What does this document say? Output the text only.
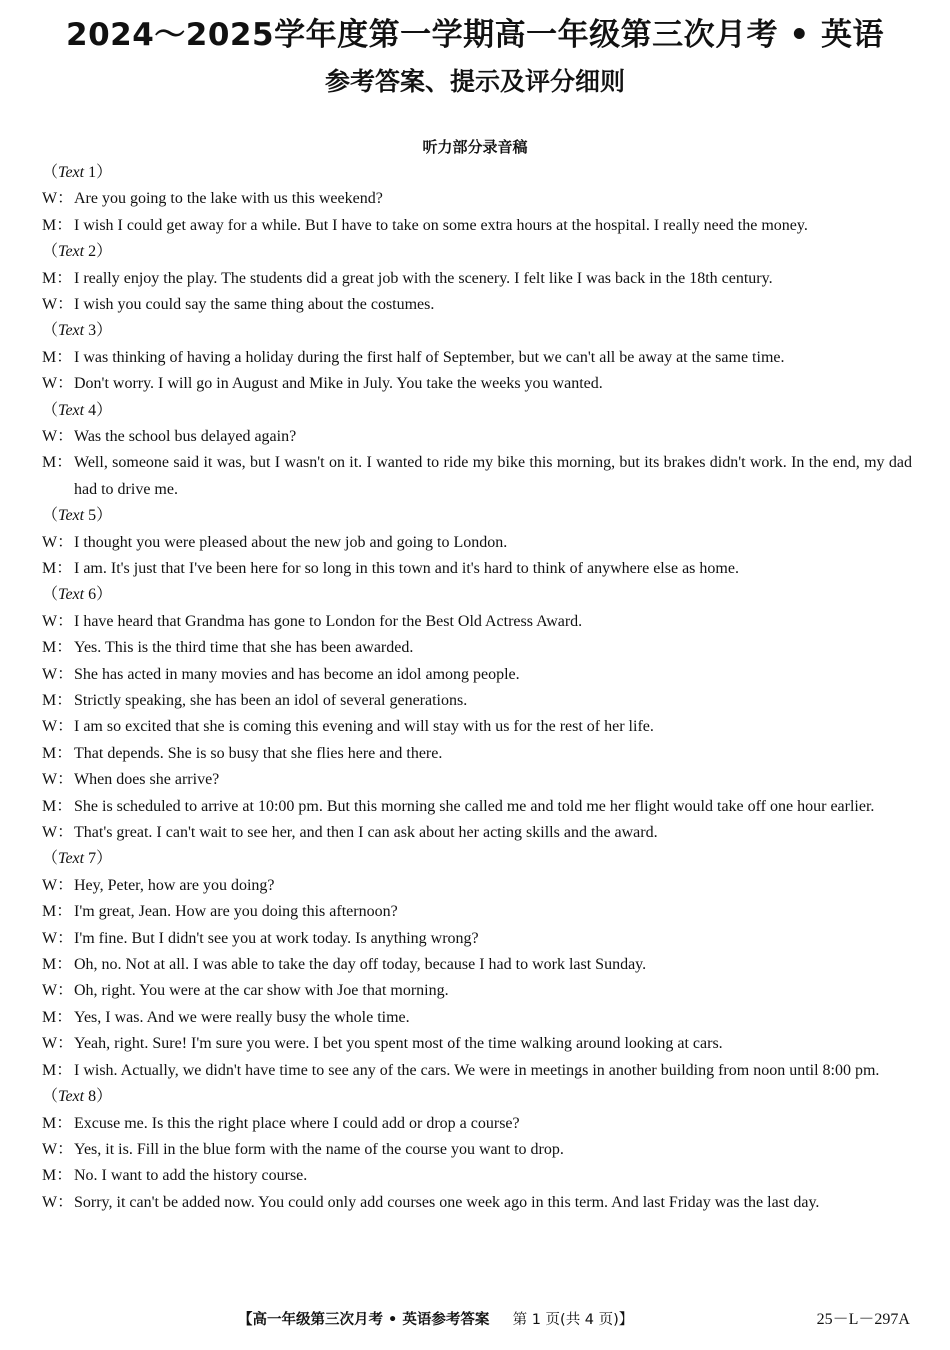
2024～2025学年度第一学期高一年级第三次月考 • 英语
参考答案、提示及评分细则
听力部分录音稿
（Text 1）
W：Are you going to the lake with us this weekend?
M： I wish I could get away for a while. But I have to take on some extra hours at the hospital. I really need the money.
（Text 2）
M： I really enjoy the play. The students did a great job with the scenery. I felt like I was back in the 18th century.
W：I wish you could say the same thing about the costumes.
（Text 3）
M： I was thinking of having a holiday during the first half of September, but we can't all be away at the same time.
W：Don't worry. I will go in August and Mike in July. You take the weeks you wanted.
（Text 4）
W：Was the school bus delayed again?
M： Well, someone said it was, but I wasn't on it. I wanted to ride my bike this morning, but its brakes didn't work. In the end, my dad had to drive me.
（Text 5）
W：I thought you were pleased about the new job and going to London.
M： I am. It's just that I've been here for so long in this town and it's hard to think of anywhere else as home.
（Text 6）
W：I have heard that Grandma has gone to London for the Best Old Actress Award.
M： Yes. This is the third time that she has been awarded.
W：She has acted in many movies and has become an idol among people.
M： Strictly speaking, she has been an idol of several generations.
W：I am so excited that she is coming this evening and will stay with us for the rest of her life.
M： That depends. She is so busy that she flies here and there.
W：When does she arrive?
M： She is scheduled to arrive at 10:00 pm. But this morning she called me and told me her flight would take off one hour earlier.
W：That's great. I can't wait to see her, and then I can ask about her acting skills and the award.
（Text 7）
W：Hey, Peter, how are you doing?
M： I'm great, Jean. How are you doing this afternoon?
W：I'm fine. But I didn't see you at work today. Is anything wrong?
M： Oh, no. Not at all. I was able to take the day off today, because I had to work last Sunday.
W：Oh, right. You were at the car show with Joe that morning.
M： Yes, I was. And we were really busy the whole time.
W：Yeah, right. Sure! I'm sure you were. I bet you spent most of the time walking around looking at cars.
M： I wish. Actually, we didn't have time to see any of the cars. We were in meetings in another building from noon until 8:00 pm.
（Text 8）
M： Excuse me. Is this the right place where I could add or drop a course?
W：Yes, it is. Fill in the blue form with the name of the course you want to drop.
M： No. I want to add the history course.
W：Sorry, it can't be added now. You could only add courses one week ago in this term. And last Friday was the last day.
【高一年级第三次月考 • 英语参考答案 第 1 页(共 4 页)】	25－L－297A
